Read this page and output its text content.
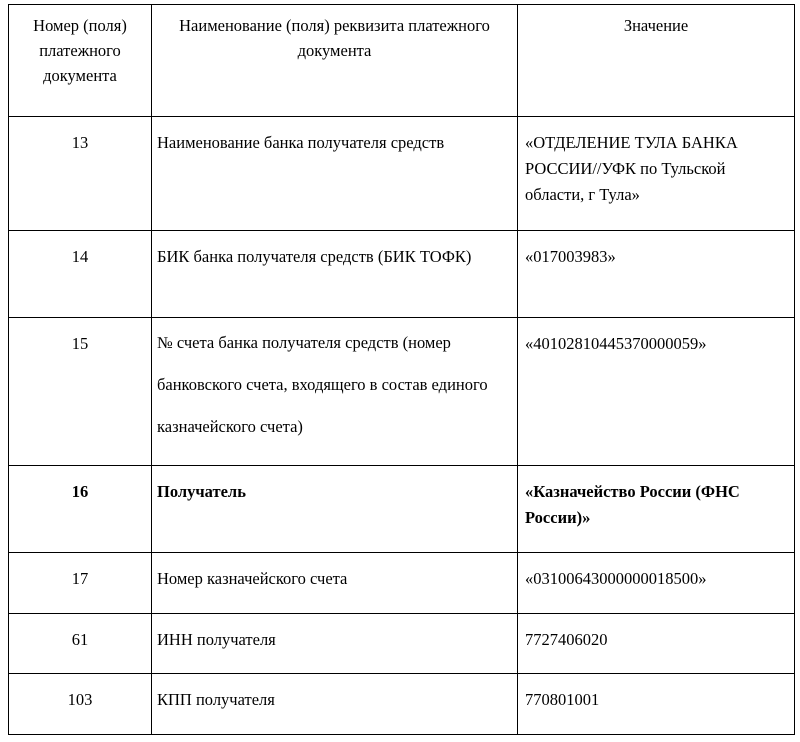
Номер (поля) платежного документа	Наименование (поля) реквизита платежного документа	Значение

13	Наименование банка получателя средств	«ОТДЕЛЕНИЕ ТУЛА БАНКА РОССИИ//УФК по Тульской области, г Тула»

14	БИК банка получателя средств (БИК ТОФК)	«017003983»

15	№ счета банка получателя средств (номер банковского счета, входящего в состав единого казначейского счета)	«40102810445370000059»

16	Получатель	«Казначейство России (ФНС России)»

17	Номер казначейского счета	«03100643000000018500»

61	ИНН получателя	7727406020

103	КПП получателя	770801001
